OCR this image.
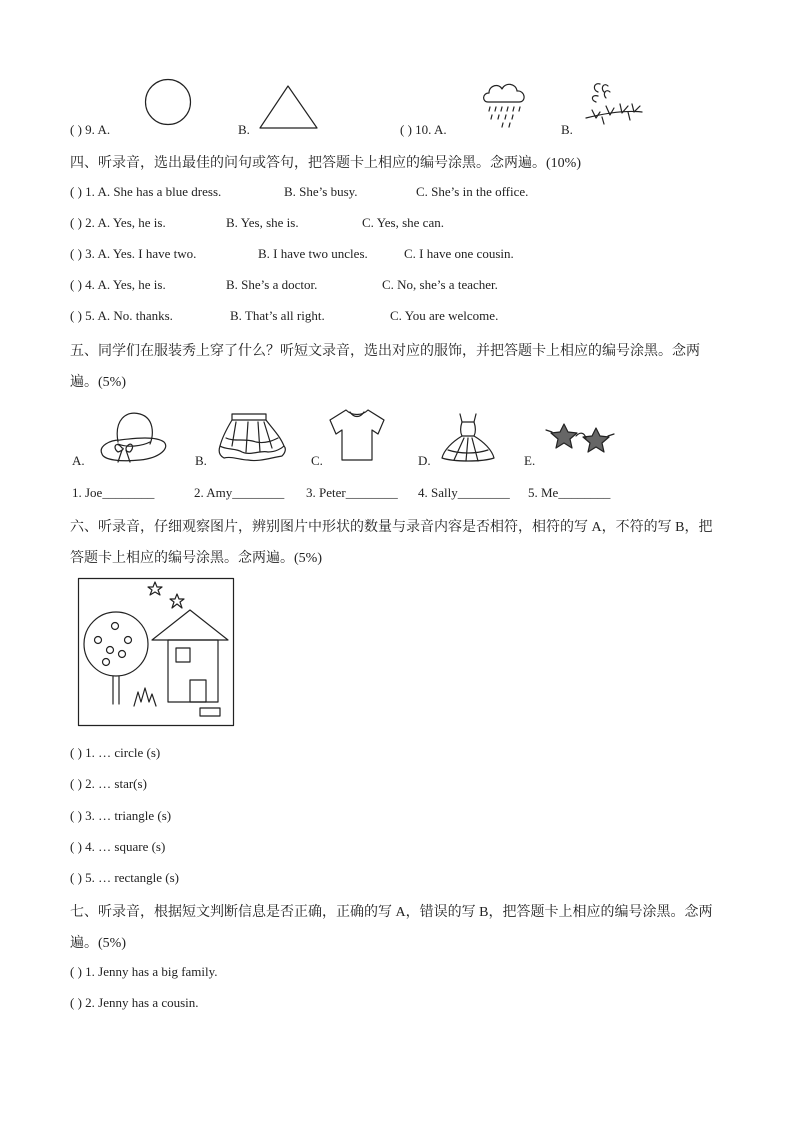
( ) 9. A.	B.	( ) 10. A.	B.
四、听录音，选出最佳的问句或答句，把答题卡上相应的编号涂黑。念两遍。(10%)
( ) 1. A. She has a blue dress.	B. She’s busy.	C. She’s in the office.
( ) 2. A. Yes, he is.	B. Yes, she is.	C. Yes, she can.
( ) 3. A. Yes. I have two.	B. I have two uncles.	C. I have one cousin.
( ) 4. A. Yes, he is.	B. She’s a doctor.	C. No, she’s a teacher.
( ) 5. A. No. thanks.	B. That’s all right.	C. You are welcome.
五、同学们在服装秀上穿了什么？听短文录音，选出对应的服饰，并把答题卡上相应的编号涂黑。念两
遍。(5%)
A.	B.	C.	D.	E.
1. Joe________	2. Amy________ 3. Peter________ 4. Sally________ 5. Me________
六、听录音，仔细观察图片，辨别图片中形状的数量与录音内容是否相符，相符的写 A，不符的写 B，把
答题卡上相应的编号涂黑。念两遍。(5%)
( ) 1. … circle (s)
( ) 2. … star(s)
( ) 3. … triangle (s)
( ) 4. … square (s)
( ) 5. … rectangle (s)
七、听录音，根据短文判断信息是否正确，正确的写 A，错误的写 B，把答题卡上相应的编号涂黑。念两
遍。(5%)
( ) 1. Jenny has a big family.
( ) 2. Jenny has a cousin.
